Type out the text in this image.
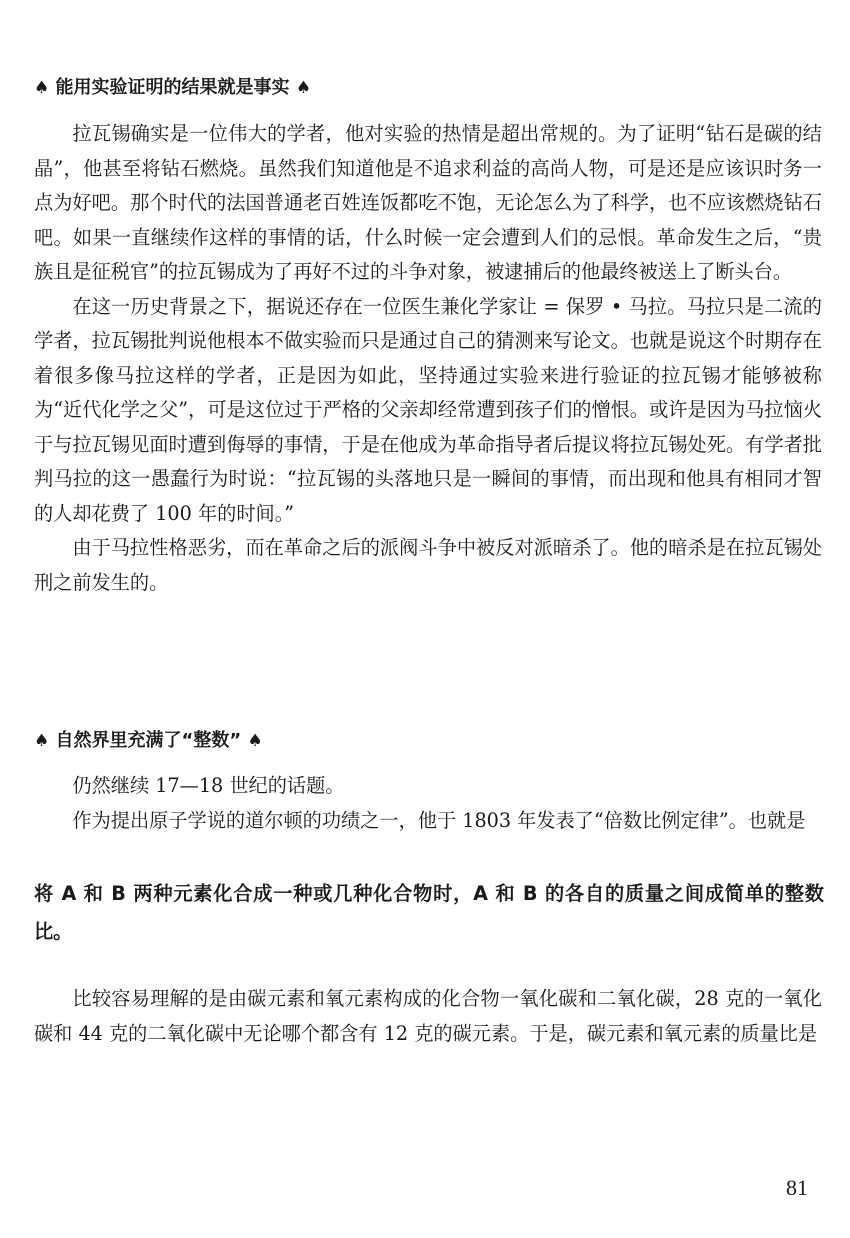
♠ 能用实验证明的结果就是事实 ♠

拉瓦锡确实是一位伟大的学者，他对实验的热情是超出常规的。为了证明“钻石是碳的结晶”，他甚至将钻石燃烧。虽然我们知道他是不追求利益的高尚人物，可是还是应该识时务一点为好吧。那个时代的法国普通老百姓连饭都吃不饱，无论怎么为了科学，也不应该燃烧钻石吧。如果一直继续作这样的事情的话，什么时候一定会遭到人们的忌恨。革命发生之后，“贵族且是征税官”的拉瓦锡成为了再好不过的斗争对象，被逮捕后的他最终被送上了断头台。

在这一历史背景之下，据说还存在一位医生兼化学家让 = 保罗 • 马拉。马拉只是二流的学者，拉瓦锡批判说他根本不做实验而只是通过自己的猜测来写论文。也就是说这个时期存在着很多像马拉这样的学者，正是因为如此，坚持通过实验来进行验证的拉瓦锡才能够被称为“近代化学之父”，可是这位过于严格的父亲却经常遭到孩子们的憎恨。或许是因为马拉恼火于与拉瓦锡见面时遭到侮辱的事情，于是在他成为革命指导者后提议将拉瓦锡处死。有学者批判马拉的这一愚蠢行为时说：“拉瓦锡的头落地只是一瞬间的事情，而出现和他具有相同才智的人却花费了 100 年的时间。”

由于马拉性格恶劣，而在革命之后的派阀斗争中被反对派暗杀了。他的暗杀是在拉瓦锡处刑之前发生的。

♠ 自然界里充满了“整数” ♠

仍然继续 17—18 世纪的话题。

作为提出原子学说的道尔顿的功绩之一，他于 1803 年发表了“倍数比例定律”。也就是

将 A 和 B 两种元素化合成一种或几种化合物时，A 和 B 的各自的质量之间成简单的整数比。

比较容易理解的是由碳元素和氧元素构成的化合物一氧化碳和二氧化碳，28 克的一氧化碳和 44 克的二氧化碳中无论哪个都含有 12 克的碳元素。于是，碳元素和氧元素的质量比是

81
